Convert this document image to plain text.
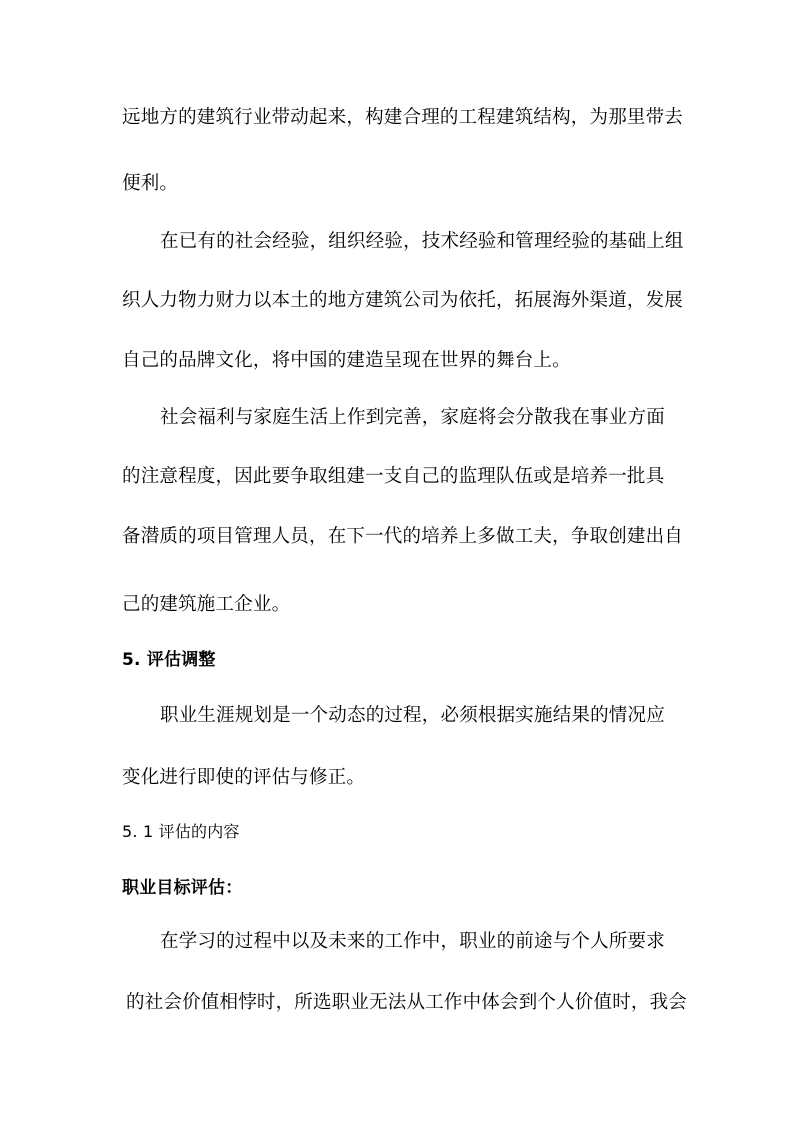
远地方的建筑行业带动起来，构建合理的工程建筑结构，为那里带去
便利。
在已有的社会经验，组织经验，技术经验和管理经验的基础上组
织人力物力财力以本土的地方建筑公司为依托，拓展海外渠道，发展
自己的品牌文化，将中国的建造呈现在世界的舞台上。
社会福利与家庭生活上作到完善，家庭将会分散我在事业方面
的注意程度，因此要争取组建一支自己的监理队伍或是培养一批具
备潜质的项目管理人员，在下一代的培养上多做工夫，争取创建出自
己的建筑施工企业。
5. 评估调整
职业生涯规划是一个动态的过程，必须根据实施结果的情况应
变化进行即使的评估与修正。
5. 1 评估的内容
职业目标评估：
在学习的过程中以及未来的工作中，职业的前途与个人所要求
的社会价值相悖时，所选职业无法从工作中体会到个人价值时，我会
